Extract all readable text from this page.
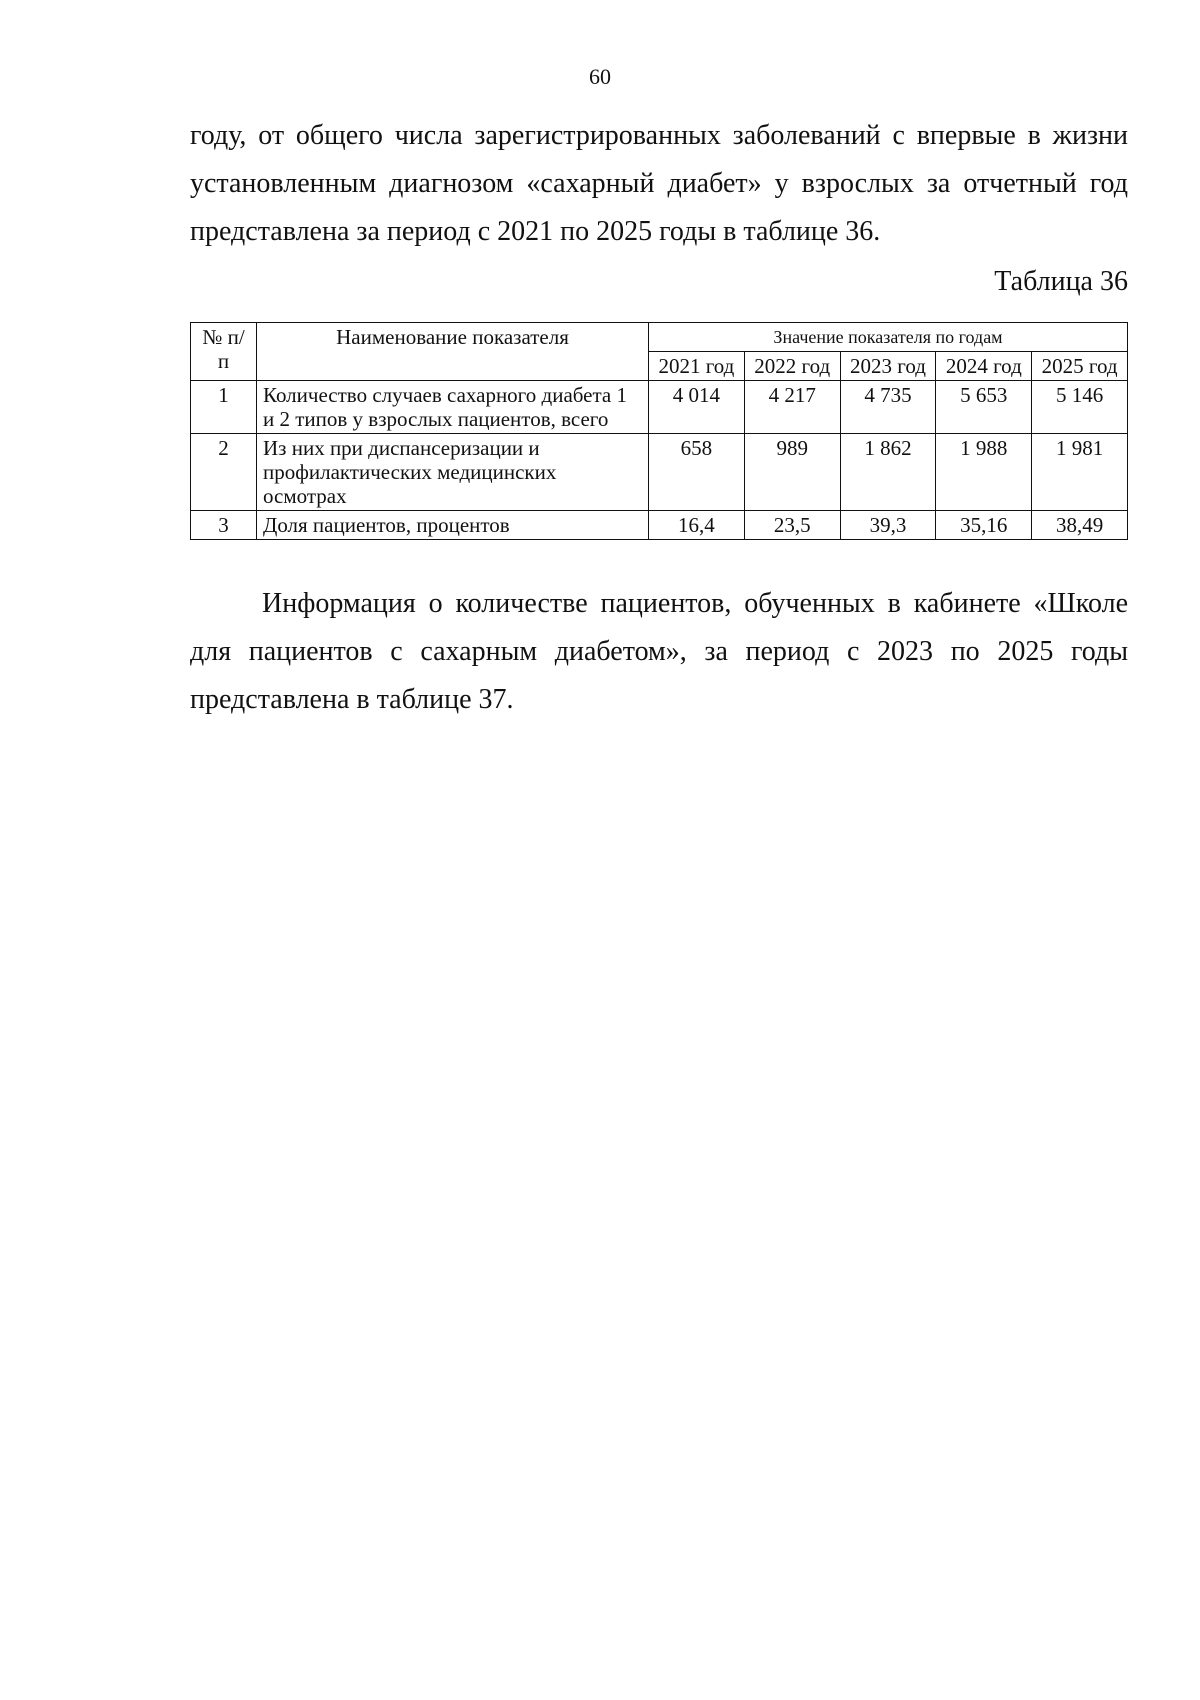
60

году, от общего числа зарегистрированных заболеваний с впервые в жизни установленным диагнозом «сахарный диабет» у взрослых за отчетный год представлена за период с 2021 по 2025 годы в таблице 36.

Таблица 36
№ п/п	Наименование показателя	Значение показателя по годам				
		2021 год	2022 год	2023 год	2024 год	2025 год
1	Количество случаев сахарного диабета 1 и 2 типов у взрослых пациентов, всего	4 014	4 217	4 735	5 653	5 146
2	Из них при диспансеризации и профилактических медицинских осмотрах	658	989	1 862	1 988	1 981
3	Доля пациентов, процентов	16,4	23,5	39,3	35,16	38,49

Информация о количестве пациентов, обученных в кабинете «Школе для пациентов с сахарным диабетом», за период с 2023 по 2025 годы представлена в таблице 37.
